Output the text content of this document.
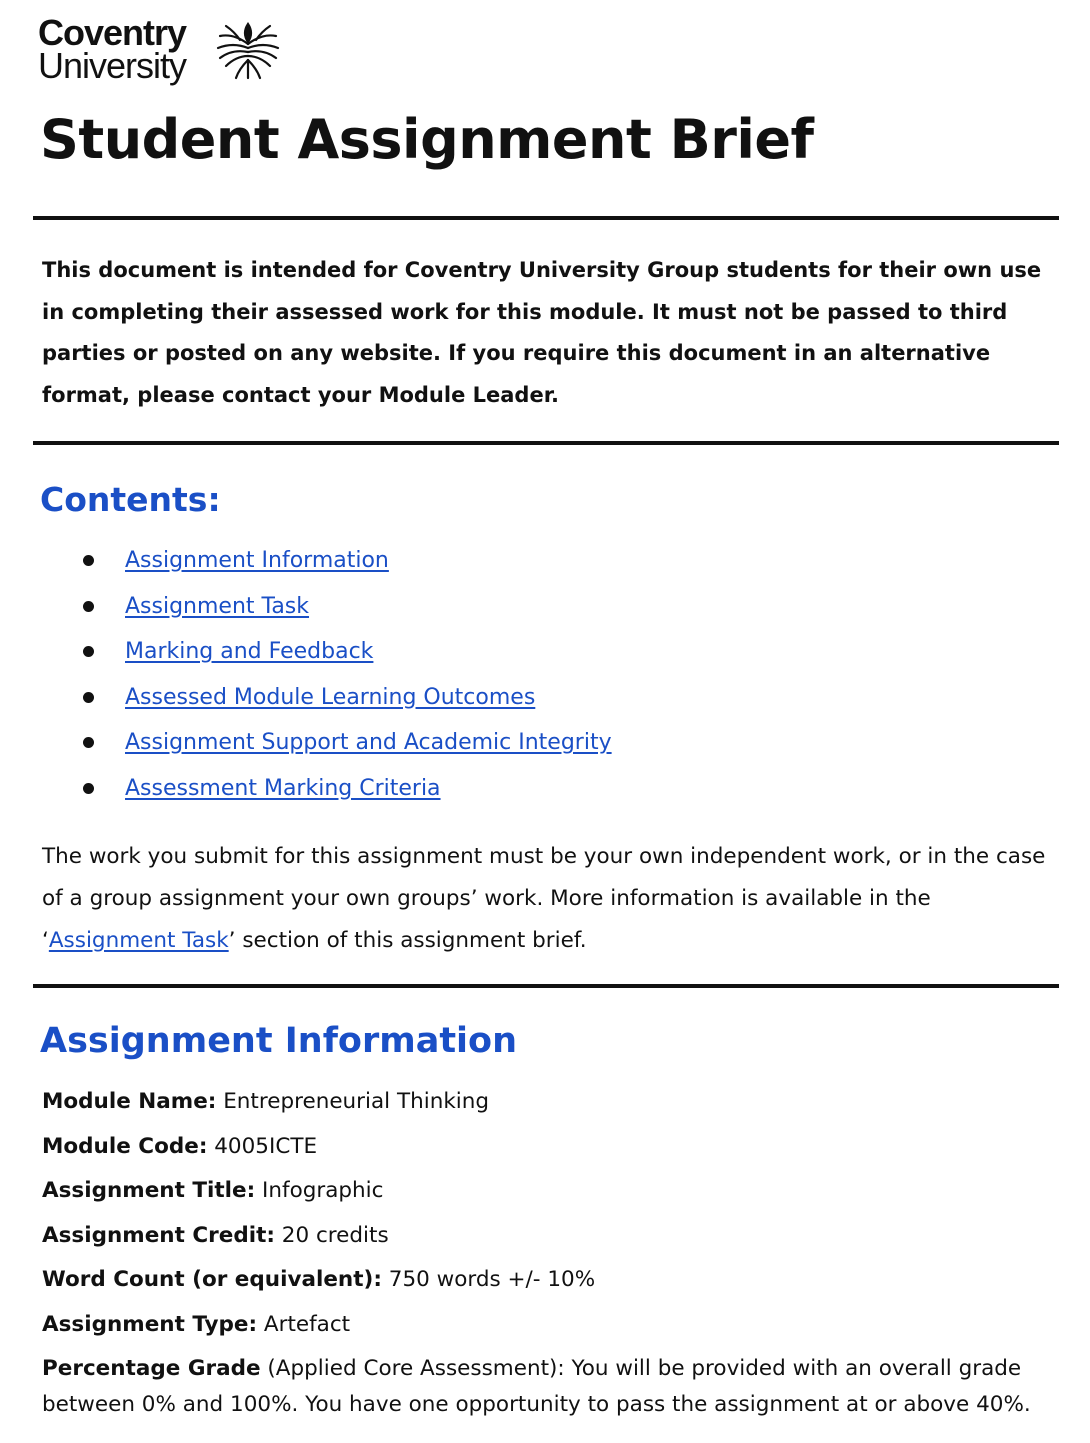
Coventry
University
Student Assignment Brief
This document is intended for Coventry University Group students for their own use in completing their assessed work for this module. It must not be passed to third parties or posted on any website. If you require this document in an alternative format, please contact your Module Leader.
Contents:
Assignment Information
Assignment Task
Marking and Feedback
Assessed Module Learning Outcomes
Assignment Support and Academic Integrity
Assessment Marking Criteria
The work you submit for this assignment must be your own independent work, or in the case of a group assignment your own groups’ work. More information is available in the ‘Assignment Task’ section of this assignment brief.
Assignment Information
Module Name: Entrepreneurial Thinking
Module Code: 4005ICTE
Assignment Title: Infographic
Assignment Credit: 20 credits
Word Count (or equivalent): 750 words +/- 10%
Assignment Type: Artefact
Percentage Grade (Applied Core Assessment): You will be provided with an overall grade between 0% and 100%. You have one opportunity to pass the assignment at or above 40%.
